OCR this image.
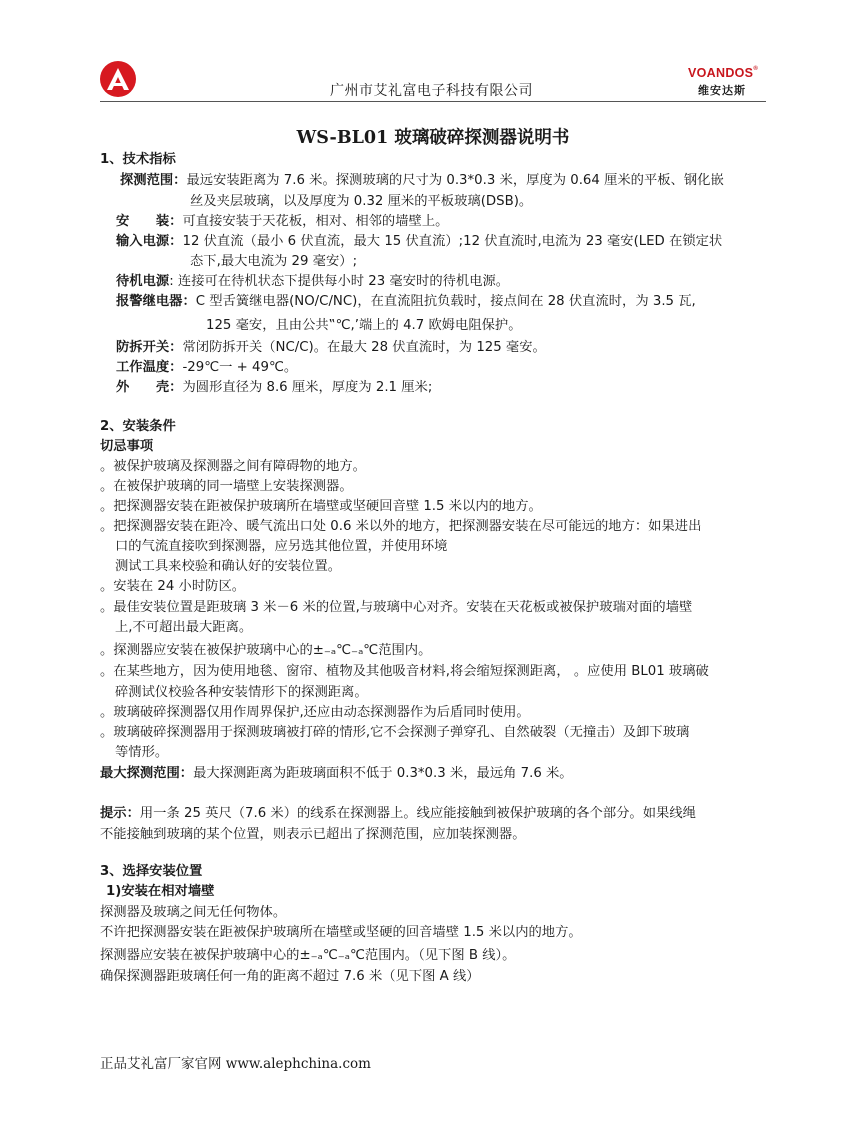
广州市艾礼富电子科技有限公司
VOANDOS®
维安达斯
WS-BL01 玻璃破碎探测器说明书
1、技术指标
探测范围：最远安装距离为 7.6 米。探测玻璃的尺寸为 0.3*0.3 米，厚度为 0.64 厘米的平板、钢化嵌
丝及夹层玻璃，以及厚度为 0.32 厘米的平板玻璃(DSB)。
安　　装：可直接安装于天花板，相对、相邻的墙壁上。
输入电源：12 伏直流（最小 6 伏直流，最大 15 伏直流）;12 伏直流时,电流为 23 毫安(LED 在锁定状
态下,最大电流为 29 毫安）;
待机电源: 连接可在待机状态下提供每小时 23 毫安时的待机电源。
报警继电器：C 型舌簧继电器(NO/C/NC)，在直流阻抗负载时，接点间在 28 伏直流时，为 3.5 瓦,
125 毫安，且由公共‟℃,’端上的 4.7 欧姆电阻保护。
防拆开关：常闭防拆开关（NC/C)。在最大 28 伏直流时，为 125 毫安。
工作温度：-29℃一 + 49℃。
外　　壳：为圆形直径为 8.6 厘米，厚度为 2.1 厘米;
2、安装条件
切忌事项
。被保护玻璃及探测器之间有障碍物的地方。
。在被保护玻璃的同一墙壁上安装探测器。
。把探测器安装在距被保护玻璃所在墙壁或坚硬回音壁 1.5 米以内的地方。
。把探测器安装在距冷、暖气流出口处 0.6 米以外的地方，把探测器安装在尽可能远的地方：如果进出
口的气流直接吹到探测器，应另选其他位置，并使用环境
测试工具来校验和确认好的安装位置。
。安装在 24 小时防区。
。最佳安装位置是距玻璃 3 米－6 米的位置,与玻璃中心对齐。安装在天花板或被保护玻瑞对面的墙壁
上,不可超出最大距离。
。探测器应安装在被保护玻璃中心的±₋ₐ℃₋ₐ℃范围内。
。在某些地方，因为使用地毯、窗帘、植物及其他吸音材料,将会缩短探测距离， 。应使用 BL01 玻璃破
碎测试仪校验各种安装情形下的探测距离。
。玻璃破碎探测器仅用作周界保护,还应由动态探测器作为后盾同时使用。
。玻璃破碎探测器用于探测玻璃被打碎的情形,它不会探测子弹穿孔、自然破裂（无撞击）及卸下玻璃
等情形。
最大探测范围：最大探测距离为距玻璃面积不低于 0.3*0.3 米，最远角 7.6 米。
提示：用一条 25 英尺（7.6 米）的线系在探测器上。线应能接触到被保护玻璃的各个部分。如果线绳
不能接触到玻璃的某个位置，则表示已超出了探测范围，应加装探测器。
3、选择安装位置
1)安装在相对墙壁
探测器及玻璃之间无任何物体。
不许把探测器安装在距被保护玻璃所在墙壁或坚硬的回音墙壁 1.5 米以内的地方。
探测器应安装在被保护玻璃中心的±₋ₐ℃₋ₐ℃范围内。（见下图 B 线）。
确保探测器距玻璃任何一角的距离不超过 7.6 米（见下图 A 线）
正品艾礼富厂家官网 www.alephchina.com
